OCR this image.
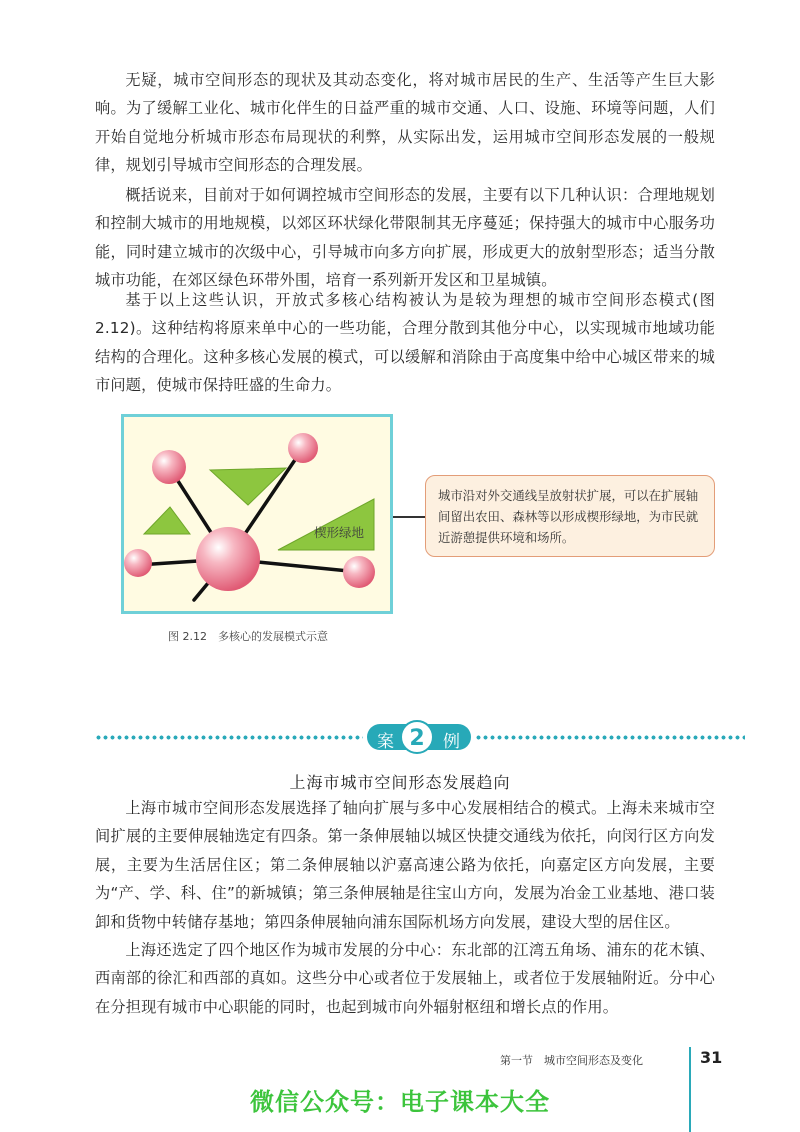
无疑，城市空间形态的现状及其动态变化，将对城市居民的生产、生活等产生巨大影响。为了缓解工业化、城市化伴生的日益严重的城市交通、人口、设施、环境等问题，人们开始自觉地分析城市形态布局现状的利弊，从实际出发，运用城市空间形态发展的一般规律，规划引导城市空间形态的合理发展。

概括说来，目前对于如何调控城市空间形态的发展，主要有以下几种认识：合理地规划和控制大城市的用地规模，以郊区环状绿化带限制其无序蔓延；保持强大的城市中心服务功能，同时建立城市的次级中心，引导城市向多方向扩展，形成更大的放射型形态；适当分散城市功能，在郊区绿色环带外围，培育一系列新开发区和卫星城镇。

基于以上这些认识，开放式多核心结构被认为是较为理想的城市空间形态模式(图2.12)。这种结构将原来单中心的一些功能，合理分散到其他分中心，以实现城市地域功能结构的合理化。这种多核心发展的模式，可以缓解和消除由于高度集中给中心城区带来的城市问题，使城市保持旺盛的生命力。

楔形绿地
城市沿对外交通线呈放射状扩展，可以在扩展轴间留出农田、森林等以形成楔形绿地，为市民就近游憩提供环境和场所。
图 2.12　多核心的发展模式示意
案 2	例
上海市城市空间形态发展趋向

上海市城市空间形态发展选择了轴向扩展与多中心发展相结合的模式。上海未来城市空间扩展的主要伸展轴选定有四条。第一条伸展轴以城区快捷交通线为依托，向闵行区方向发展，主要为生活居住区；第二条伸展轴以沪嘉高速公路为依托，向嘉定区方向发展，主要为“产、学、科、住”的新城镇；第三条伸展轴是往宝山方向，发展为冶金工业基地、港口装卸和货物中转储存基地；第四条伸展轴向浦东国际机场方向发展，建设大型的居住区。

上海还选定了四个地区作为城市发展的分中心：东北部的江湾五角场、浦东的花木镇、西南部的徐汇和西部的真如。这些分中心或者位于发展轴上，或者位于发展轴附近。分中心在分担现有城市中心职能的同时，也起到城市向外辐射枢纽和增长点的作用。

第一节　城市空间形态及变化	31
微信公众号：电子课本大全
